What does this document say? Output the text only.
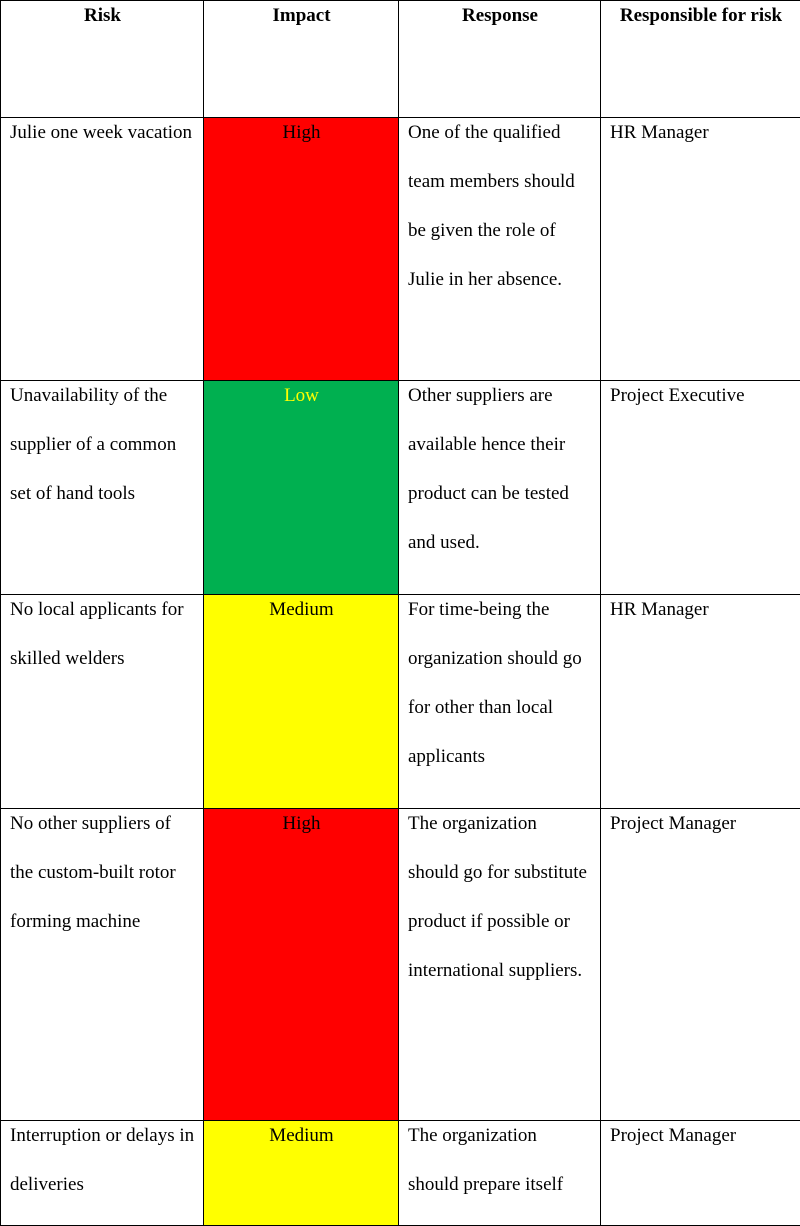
Risk	Impact	Response	Responsible for risk

Julie one week vacation	High	One of the qualified team members should be given the role of Julie in her absence.	HR Manager

Unavailability of the supplier of a common set of hand tools	Low	Other suppliers are available hence their product can be tested and used.	Project Executive

No local applicants for skilled welders	Medium	For time-being the organization should go for other than local applicants	HR Manager

No other suppliers of the custom-built rotor forming machine	High	The organization should go for substitute product if possible or international suppliers.	Project Manager

Interruption or delays in deliveries	Medium	The organization should prepare itself	Project Manager
